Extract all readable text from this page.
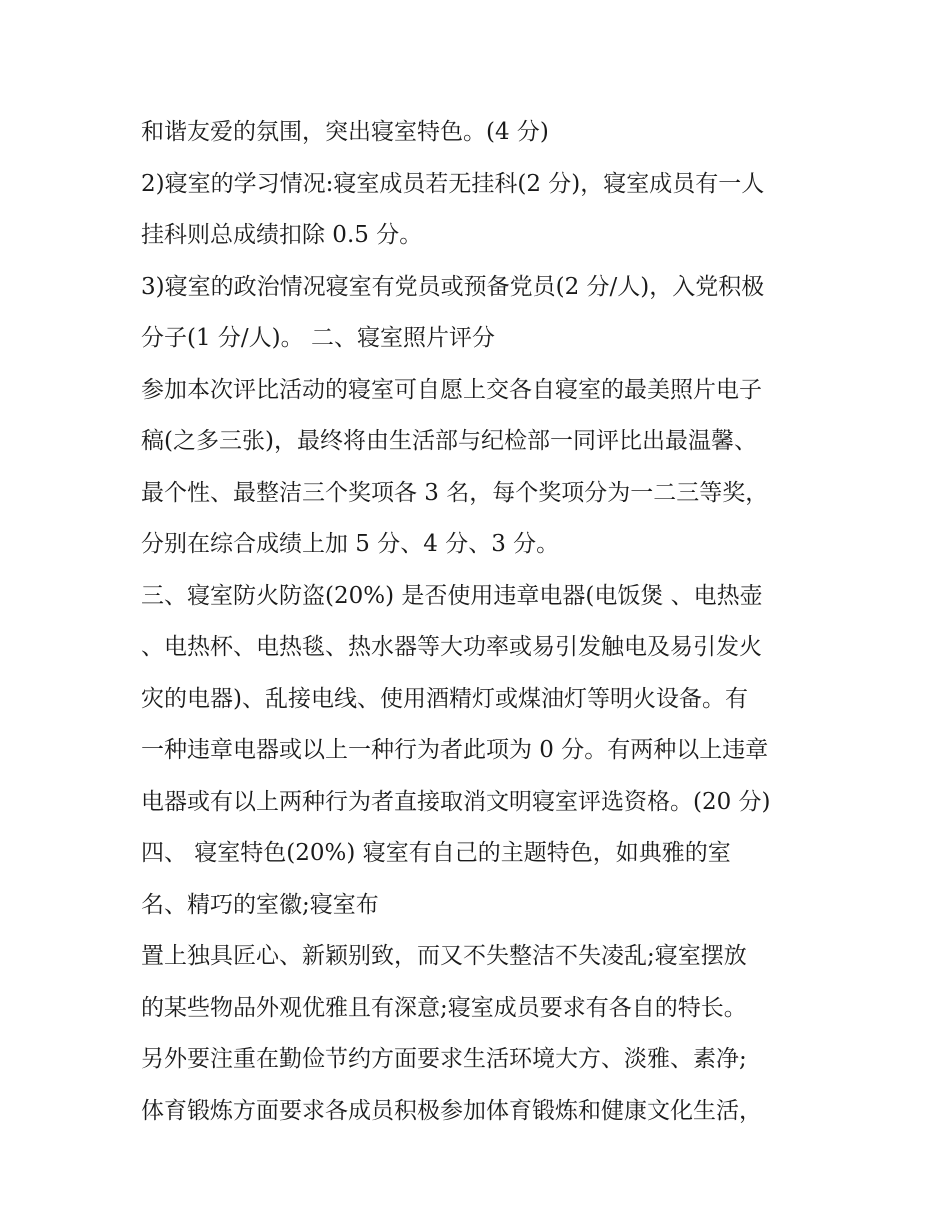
和谐友爱的氛围，突出寝室特色。(4 分)
2)寝室的学习情况:寝室成员若无挂科(2 分)，寝室成员有一人
挂科则总成绩扣除 0.5 分。
3)寝室的政治情况寝室有党员或预备党员(2 分/人)，入党积极
分子(1 分/人)。 二、寝室照片评分
参加本次评比活动的寝室可自愿上交各自寝室的最美照片电子
稿(之多三张)，最终将由生活部与纪检部一同评比出最温馨、
最个性、最整洁三个奖项各 3 名，每个奖项分为一二三等奖，
分别在综合成绩上加 5 分、4 分、3 分。
三、寝室防火防盗(20%) 是否使用违章电器(电饭煲 、电热壶
、电热杯、电热毯、热水器等大功率或易引发触电及易引发火
灾的电器)、乱接电线、使用酒精灯或煤油灯等明火设备。有
一种违章电器或以上一种行为者此项为 0 分。有两种以上违章
电器或有以上两种行为者直接取消文明寝室评选资格。(20 分)
四、 寝室特色(20%) 寝室有自己的主题特色，如典雅的室
名、精巧的室徽;寝室布
置上独具匠心、新颖别致，而又不失整洁不失凌乱;寝室摆放
的某些物品外观优雅且有深意;寝室成员要求有各自的特长。
另外要注重在勤俭节约方面要求生活环境大方、淡雅、素净;
体育锻炼方面要求各成员积极参加体育锻炼和健康文化生活，
